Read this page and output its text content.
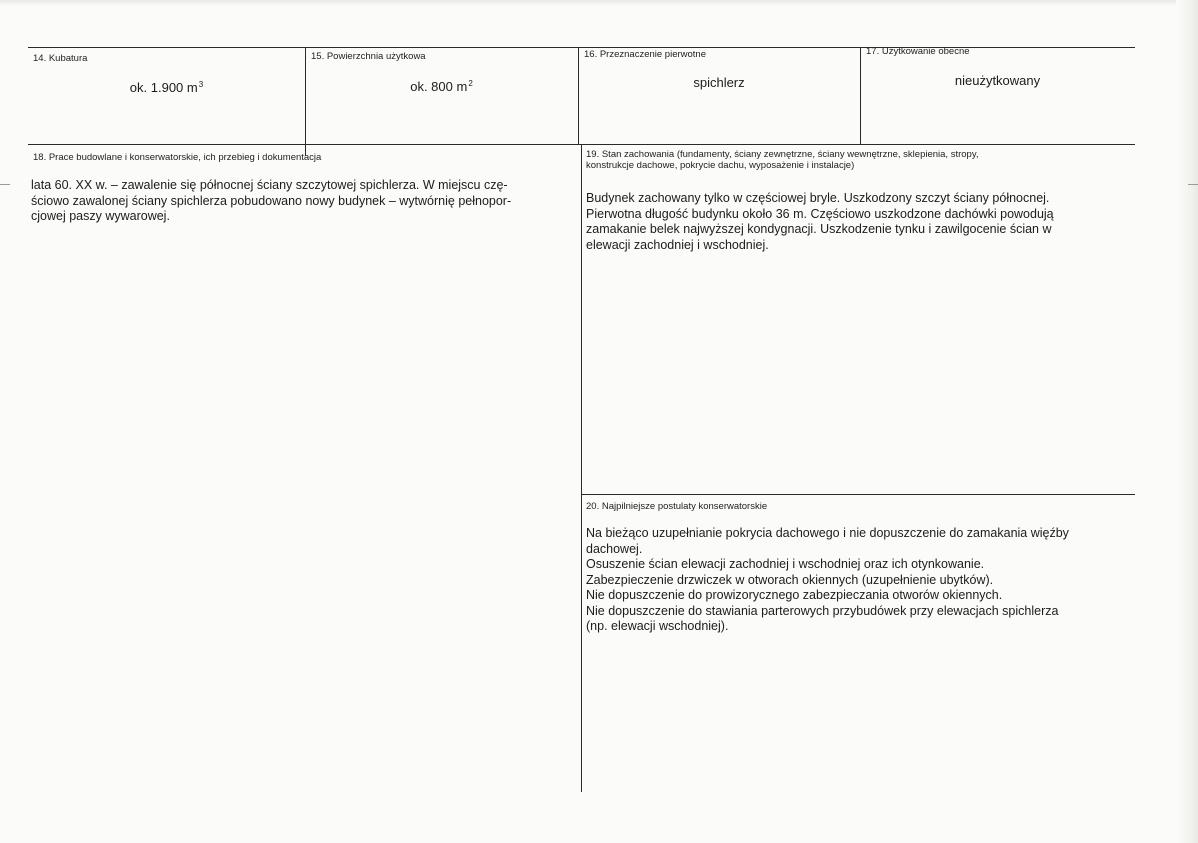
14. Kubatura
ok. 1.900 $m^3$
15. Powierzchnia użytkowa
ok. 800 $m^2$
16. Przeznaczenie pierwotne
spichlerz
17. Użytkowanie obecne
nieużytkowany
18. Prace budowlane i konserwatorskie, ich przebieg i dokumentacja
lata 60. XX w. – zawalenie się północnej ściany szczytowej spichlerza. W miejscu czę-
ściowo zawalonej ściany spichlerza pobudowano nowy budynek – wytwórnię pełnopor-
cjowej paszy wywarowej.
19. Stan zachowania (fundamenty, ściany zewnętrzne, ściany wewnętrzne, sklepienia, stropy,
konstrukcje dachowe, pokrycie dachu, wyposażenie i instalacje)
Budynek zachowany tylko w częściowej bryle. Uszkodzony szczyt ściany północnej.
Pierwotna długość budynku około 36 m. Częściowo uszkodzone dachówki powodują
zamakanie belek najwyższej kondygnacji. Uszkodzenie tynku i zawilgocenie ścian w
elewacji zachodniej i wschodniej.
20. Najpilniejsze postulaty konserwatorskie
Na bieżąco uzupełnianie pokrycia dachowego i nie dopuszczenie do zamakania więźby
dachowej.
Osuszenie ścian elewacji zachodniej i wschodniej oraz ich otynkowanie.
Zabezpieczenie drzwiczek w otworach okiennych (uzupełnienie ubytków).
Nie dopuszczenie do prowizorycznego zabezpieczania otworów okiennych.
Nie dopuszczenie do stawiania parterowych przybudówek przy elewacjach spichlerza
(np. elewacji wschodniej).
